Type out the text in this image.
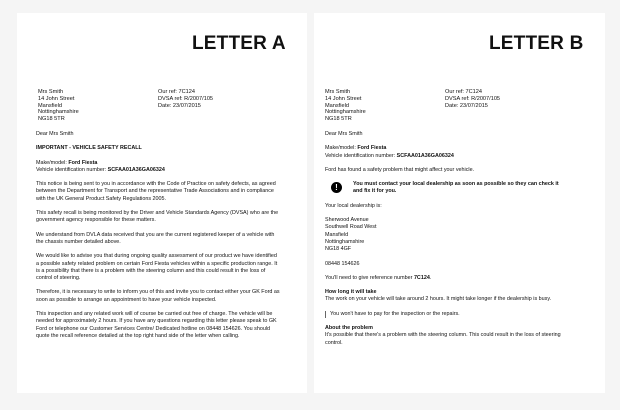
LETTER A
Mrs Smith
14 John Street
Mansfield
Nottinghamshire
NG18 5TR
Our ref: 7C124
DVSA ref: R/2007/105
Date: 23/07/2015

Dear Mrs Smith

IMPORTANT - VEHICLE SAFETY RECALL

Make/model: Ford Fiesta
Vehicle identification number: SCFAA01A36GA06324

This notice is being sent to you in accordance with the Code of Practice on safety defects, as agreed between the Department for Transport and the representative Trade Associations and in compliance with the UK General Product Safety Regulations 2005.

This safety recall is being monitored by the Driver and Vehicle Standards Agency (DVSA) who are the government agency responsible for these matters.

We understand from DVLA data received that you are the current registered keeper of a vehicle with the chassis number detailed above.

We would like to advise you that during ongoing quality assessment of our product we have identified a possible safety related problem on certain Ford Fiesta vehicles within a specific production range. It is a possibility that there is a problem with the steering column and this could result in the loss of control of steering.

Therefore, it is necessary to write to inform you of this and invite you to contact either your GK Ford as soon as possible to arrange an appointment to have your vehicle inspected.

This inspection and any related work will of course be carried out free of charge. The vehicle will be needed for approximately 2 hours. If you have any questions regarding this letter please speak to GK Ford or telephone our Customer Services Centre/ Dedicated hotline on 08448 154626. You should quote the recall reference detailed at the top right hand side of the letter when calling.

LETTER B
Mrs Smith
14 John Street
Mansfield
Nottinghamshire
NG18 5TR
Our ref: 7C124
DVSA ref: R/2007/105
Date: 23/07/2015

Dear Mrs Smith

Make/model: Ford Fiesta
Vehicle identification number: SCFAA01A36GA06324

Ford has found a safety problem that might affect your vehicle.

!	You must contact your local dealership as soon as possible so they can check it and fix it for you.

Your local dealership is:

Sherwood Avenue
Southwell Road West
Mansfield
Nottinghamshire
NG18 4GF

08448 154626

You'll need to give reference number 7C124.

How long it will take
The work on your vehicle will take around 2 hours. It might take longer if the dealership is busy.

You won't have to pay for the inspection or the repairs.

About the problem
It's possible that there's a problem with the steering column. This could result in the loss of steering control.
